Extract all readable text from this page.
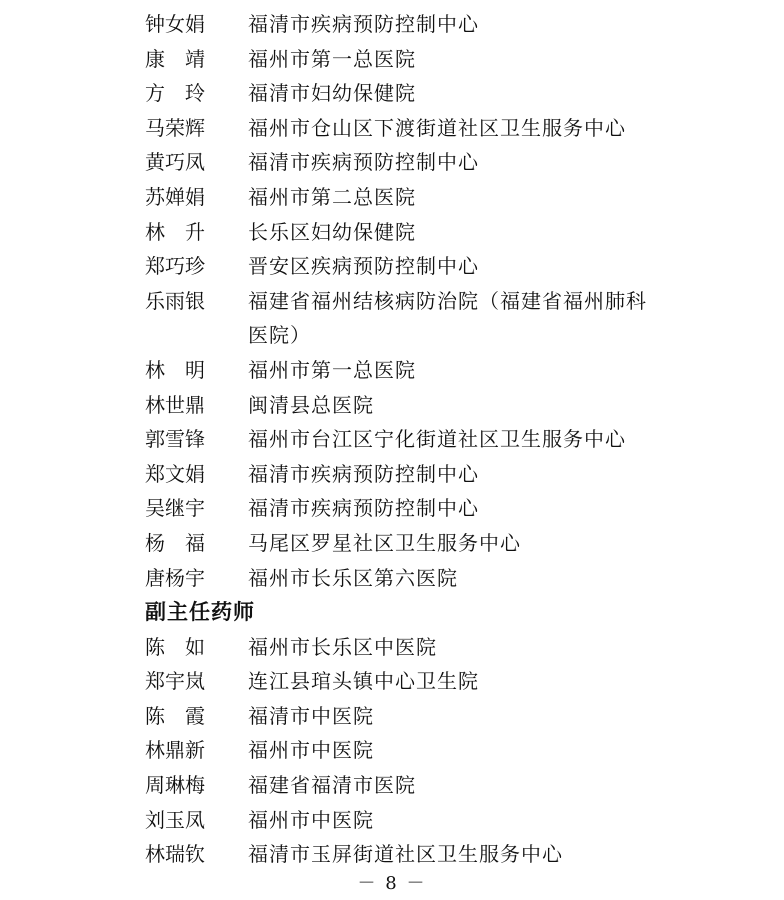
钟女娟	福清市疾病预防控制中心
康　靖	福州市第一总医院
方　玲	福清市妇幼保健院
马荣辉	福州市仓山区下渡街道社区卫生服务中心
黄巧凤	福清市疾病预防控制中心
苏婵娟	福州市第二总医院
林　升	长乐区妇幼保健院
郑巧珍	晋安区疾病预防控制中心
乐雨银	福建省福州结核病防治院（福建省福州肺科医院）
林　明	福州市第一总医院
林世鼎	闽清县总医院
郭雪锋	福州市台江区宁化街道社区卫生服务中心
郑文娟	福清市疾病预防控制中心
吴继宇	福清市疾病预防控制中心
杨　福	马尾区罗星社区卫生服务中心
唐杨宇	福州市长乐区第六医院
副主任药师
陈　如	福州市长乐区中医院
郑宇岚	连江县琯头镇中心卫生院
陈　霞	福清市中医院
林鼎新	福州市中医院
周琳梅	福建省福清市医院
刘玉凤	福州市中医院
林瑞钦	福清市玉屏街道社区卫生服务中心
－ 8 －
